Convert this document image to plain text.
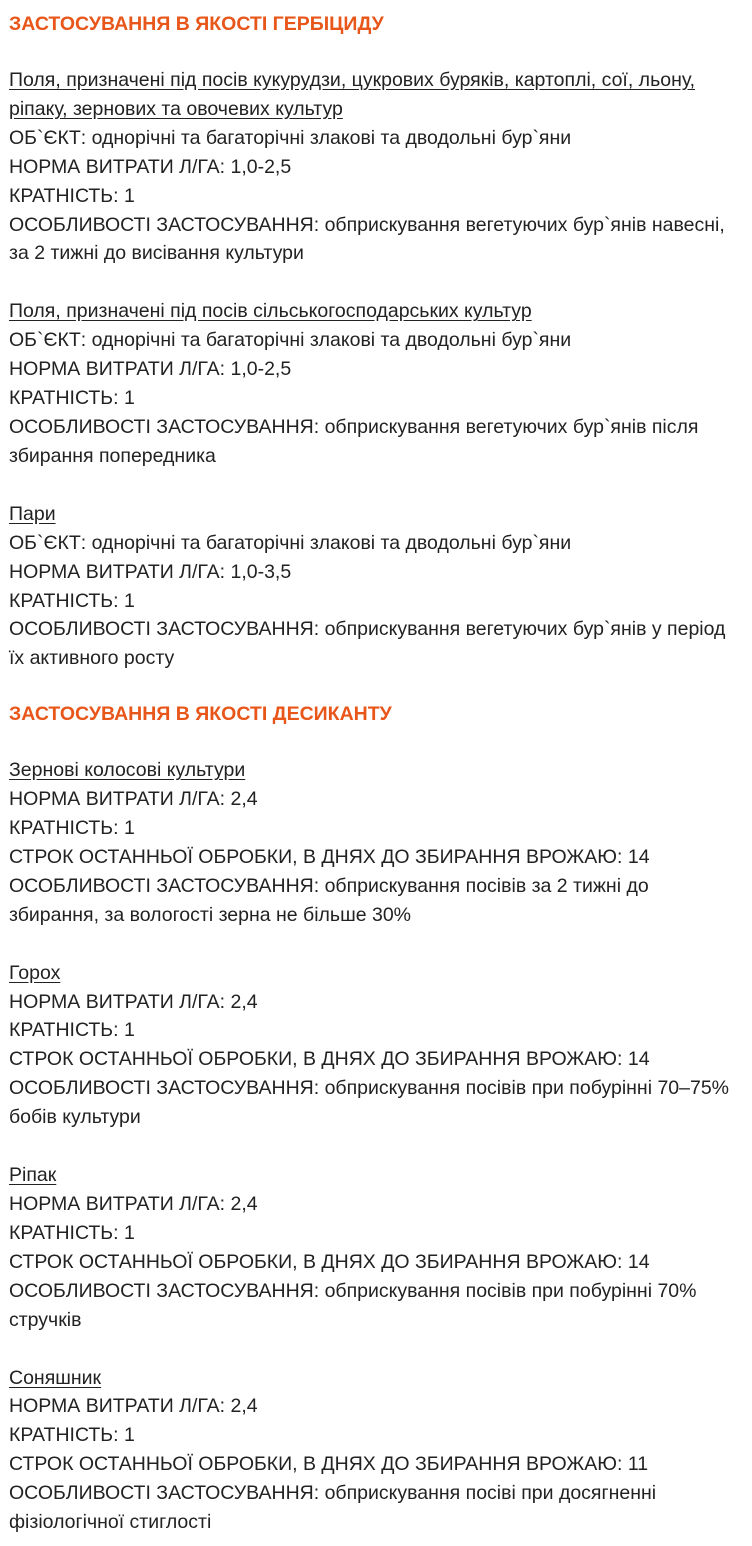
ЗАСТОСУВАННЯ В ЯКОСТІ ГЕРБІЦИДУ
Поля, призначені під посів кукурудзи, цукрових буряків, картоплі, сої, льону, ріпаку, зернових та овочевих культур
ОБ`ЄКТ: однорічні та багаторічні злакові та дводольні бур`яни
НОРМА ВИТРАТИ Л/ГА: 1,0-2,5
КРАТНІСТЬ: 1
ОСОБЛИВОСТІ ЗАСТОСУВАННЯ: обприскування вегетуючих бур`янів навесні, за 2 тижні до висівання культури
Поля, призначені під посів сільськогосподарських культур
ОБ`ЄКТ: однорічні та багаторічні злакові та дводольні бур`яни
НОРМА ВИТРАТИ Л/ГА: 1,0-2,5
КРАТНІСТЬ: 1
ОСОБЛИВОСТІ ЗАСТОСУВАННЯ: обприскування вегетуючих бур`янів після збирання попередника
Пари
ОБ`ЄКТ: однорічні та багаторічні злакові та дводольні бур`яни
НОРМА ВИТРАТИ Л/ГА: 1,0-3,5
КРАТНІСТЬ: 1
ОСОБЛИВОСТІ ЗАСТОСУВАННЯ: обприскування вегетуючих бур`янів у період їх активного росту
ЗАСТОСУВАННЯ В ЯКОСТІ ДЕСИКАНТУ
Зернові колосові культури
НОРМА ВИТРАТИ Л/ГА: 2,4
КРАТНІСТЬ: 1
СТРОК ОСТАННЬОЇ ОБРОБКИ, В ДНЯХ ДО ЗБИРАННЯ ВРОЖАЮ: 14
ОСОБЛИВОСТІ ЗАСТОСУВАННЯ: обприскування посівів за 2 тижні до збирання, за вологості зерна не більше 30%
Горох
НОРМА ВИТРАТИ Л/ГА: 2,4
КРАТНІСТЬ: 1
СТРОК ОСТАННЬОЇ ОБРОБКИ, В ДНЯХ ДО ЗБИРАННЯ ВРОЖАЮ: 14
ОСОБЛИВОСТІ ЗАСТОСУВАННЯ: обприскування посівів при побурінні 70–75% бобів культури
Ріпак
НОРМА ВИТРАТИ Л/ГА: 2,4
КРАТНІСТЬ: 1
СТРОК ОСТАННЬОЇ ОБРОБКИ, В ДНЯХ ДО ЗБИРАННЯ ВРОЖАЮ: 14
ОСОБЛИВОСТІ ЗАСТОСУВАННЯ: обприскування посівів при побурінні 70% стручків
Соняшник
НОРМА ВИТРАТИ Л/ГА: 2,4
КРАТНІСТЬ: 1
СТРОК ОСТАННЬОЇ ОБРОБКИ, В ДНЯХ ДО ЗБИРАННЯ ВРОЖАЮ: 11
ОСОБЛИВОСТІ ЗАСТОСУВАННЯ: обприскування посіві при досягненні фізіологічної стиглості
